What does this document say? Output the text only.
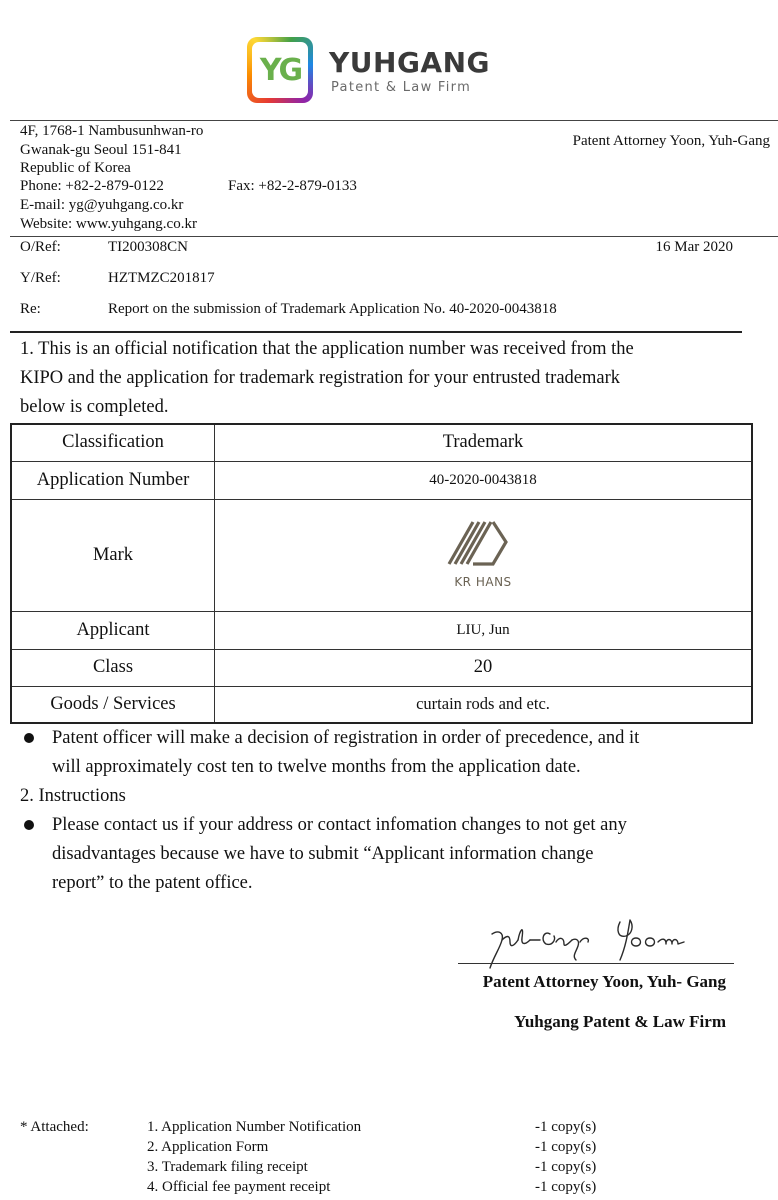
YG YUHGANG
Patent & Law Firm
4F, 1768-1 Nambusunhwan-ro
Gwanak-gu Seoul 151-841
Republic of Korea
Phone: +82-2-879-0122	Fax: +82-2-879-0133
E-mail: yg@yuhgang.co.kr
Website: www.yuhgang.co.kr
Patent Attorney Yoon, Yuh-Gang
O/Ref:	TI200308CN	16 Mar 2020
Y/Ref:	HZTMZC201817
Re:	Report on the submission of Trademark Application No. 40-2020-0043818
1. This is an official notification that the application number was received from the
KIPO and the application for trademark registration for your entrusted trademark
below is completed.
Classification	Trademark
Application Number	40-2020-0043818
Mark	KR HANS

Applicant	LIU, Jun
Class	20
Goods / Services	curtain rods and etc.
Patent officer will make a decision of registration in order of precedence, and it
will approximately cost ten to twelve months from the application date.
2. Instructions
Please contact us if your address or contact infomation changes to not get any
disadvantages because we have to submit “Applicant information change
report” to the patent office.
Patent Attorney Yoon, Yuh- Gang
Yuhgang Patent & Law Firm
* Attached:	1. Application Number Notification	-1 copy(s)
2. Application Form	-1 copy(s)
3. Trademark filing receipt	-1 copy(s)
4. Official fee payment receipt	-1 copy(s)
